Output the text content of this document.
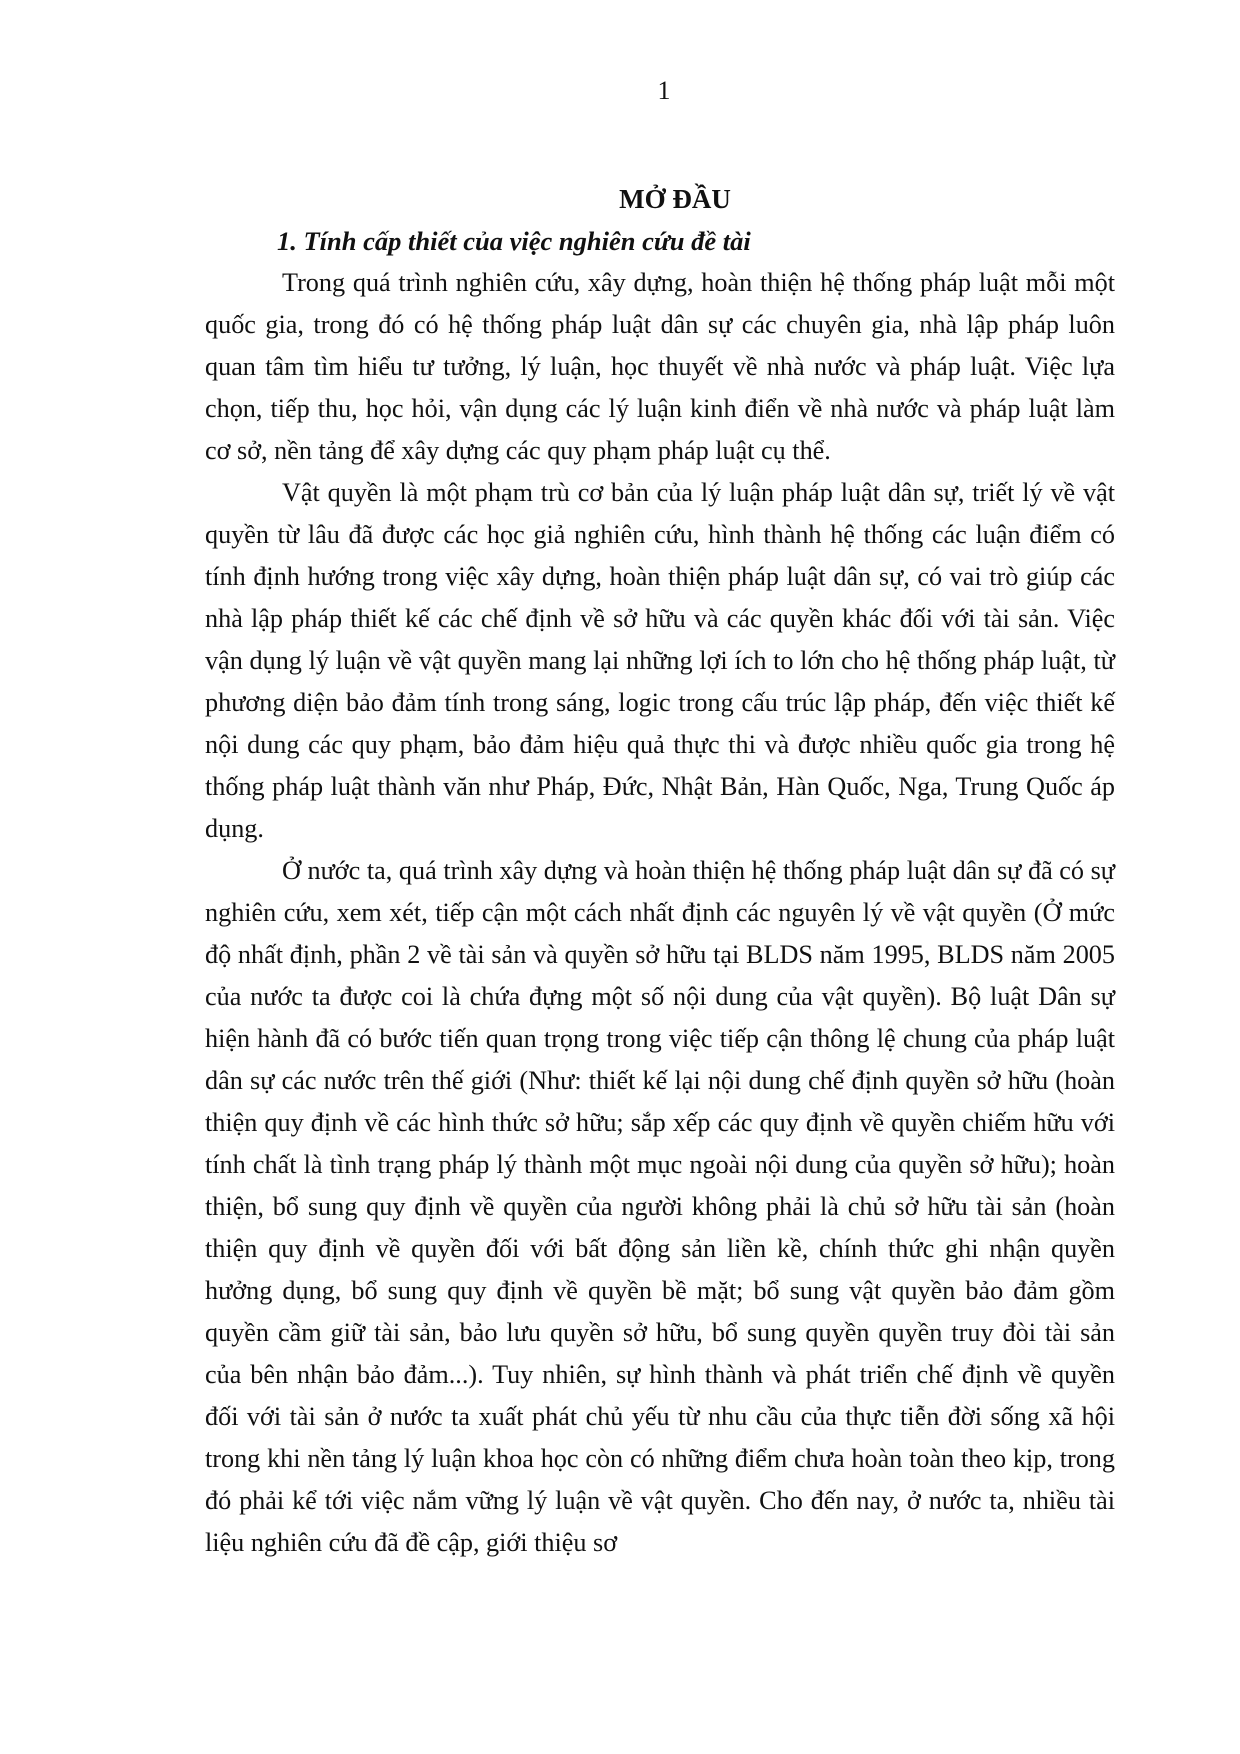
1
MỞ ĐẦU
1. Tính cấp thiết của việc nghiên cứu đề tài

Trong quá trình nghiên cứu, xây dựng, hoàn thiện hệ thống pháp luật mỗi một quốc gia, trong đó có hệ thống pháp luật dân sự các chuyên gia, nhà lập pháp luôn quan tâm tìm hiểu tư tưởng, lý luận, học thuyết về nhà nước và pháp luật. Việc lựa chọn, tiếp thu, học hỏi, vận dụng các lý luận kinh điển về nhà nước và pháp luật làm cơ sở, nền tảng để xây dựng các quy phạm pháp luật cụ thể.

Vật quyền là một phạm trù cơ bản của lý luận pháp luật dân sự, triết lý về vật quyền từ lâu đã được các học giả nghiên cứu, hình thành hệ thống các luận điểm có tính định hướng trong việc xây dựng, hoàn thiện pháp luật dân sự, có vai trò giúp các nhà lập pháp thiết kế các chế định về sở hữu và các quyền khác đối với tài sản. Việc vận dụng lý luận về vật quyền mang lại những lợi ích to lớn cho hệ thống pháp luật, từ phương diện bảo đảm tính trong sáng, logic trong cấu trúc lập pháp, đến việc thiết kế nội dung các quy phạm, bảo đảm hiệu quả thực thi và được nhiều quốc gia trong hệ thống pháp luật thành văn như Pháp, Đức, Nhật Bản, Hàn Quốc, Nga, Trung Quốc áp dụng.

Ở nước ta, quá trình xây dựng và hoàn thiện hệ thống pháp luật dân sự đã có sự nghiên cứu, xem xét, tiếp cận một cách nhất định các nguyên lý về vật quyền (Ở mức độ nhất định, phần 2 về tài sản và quyền sở hữu tại BLDS năm 1995, BLDS năm 2005 của nước ta được coi là chứa đựng một số nội dung của vật quyền). Bộ luật Dân sự hiện hành đã có bước tiến quan trọng trong việc tiếp cận thông lệ chung của pháp luật dân sự các nước trên thế giới (Như: thiết kế lại nội dung chế định quyền sở hữu (hoàn thiện quy định về các hình thức sở hữu; sắp xếp các quy định về quyền chiếm hữu với tính chất là tình trạng pháp lý thành một mục ngoài nội dung của quyền sở hữu); hoàn thiện, bổ sung quy định về quyền của người không phải là chủ sở hữu tài sản (hoàn thiện quy định về quyền đối với bất động sản liền kề, chính thức ghi nhận quyền hưởng dụng, bổ sung quy định về quyền bề mặt; bổ sung vật quyền bảo đảm gồm quyền cầm giữ tài sản, bảo lưu quyền sở hữu, bổ sung quyền quyền truy đòi tài sản của bên nhận bảo đảm...). Tuy nhiên, sự hình thành và phát triển chế định về quyền đối với tài sản ở nước ta xuất phát chủ yếu từ nhu cầu của thực tiễn đời sống xã hội trong khi nền tảng lý luận khoa học còn có những điểm chưa hoàn toàn theo kịp, trong đó phải kể tới việc nắm vững lý luận về vật quyền. Cho đến nay, ở nước ta, nhiều tài liệu nghiên cứu đã đề cập, giới thiệu sơ
